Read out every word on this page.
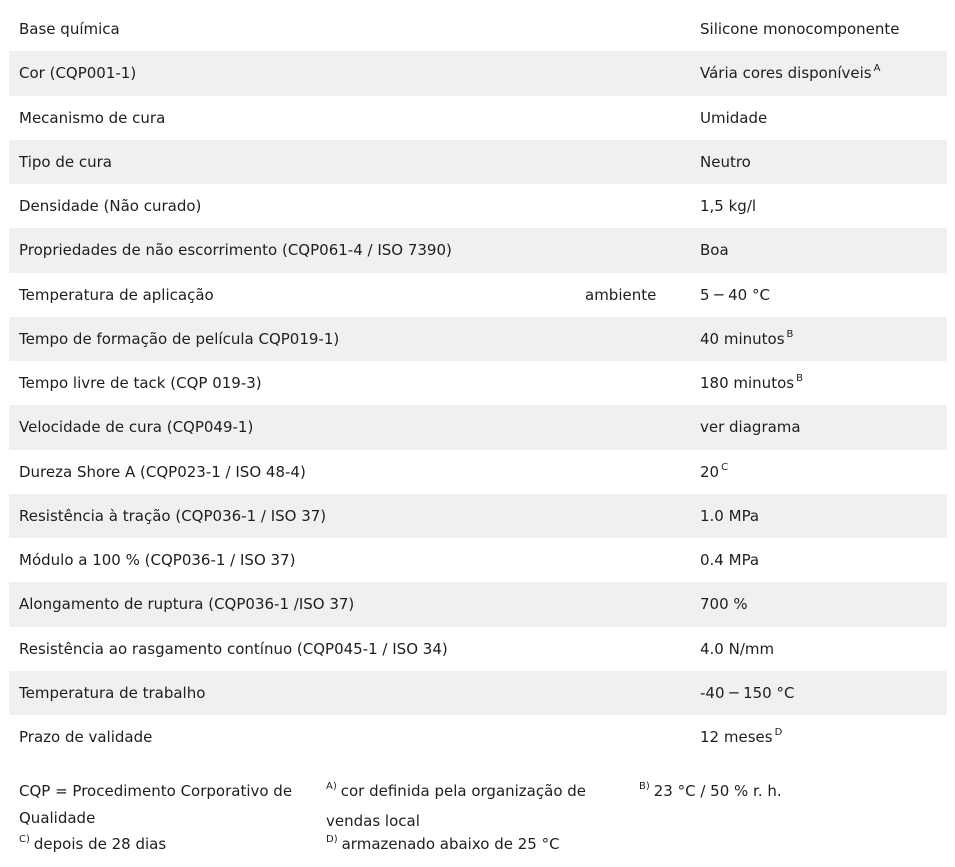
Base química		Silicone monocomponente
Cor (CQP001-1)		Vária cores disponíveis $^A$
Mecanismo de cura		Umidade
Tipo de cura		Neutro
Densidade (Não curado)		1,5 kg/l
Propriedades de não escorrimento (CQP061-4 / ISO 7390)		Boa
Temperatura de aplicação	ambiente	5 ─ 40 °C
Tempo de formação de película CQP019-1)		40 minutos $^B$
Tempo livre de tack (CQP 019-3)		180 minutos $^B$
Velocidade de cura (CQP049-1)		ver diagrama
Dureza Shore A (CQP023-1 / ISO 48-4)		20 $^C$
Resistência à tração (CQP036-1 / ISO 37)		1.0 MPa
Módulo a 100 % (CQP036-1 / ISO 37)		0.4 MPa
Alongamento de ruptura (CQP036-1 /ISO 37)		700 %
Resistência ao rasgamento contínuo (CQP045-1 / ISO 34)		4.0 N/mm
Temperatura de trabalho		-40 ─ 150 °C
Prazo de validade		12 meses $^D$
CQP = Procedimento Corporativo de Qualidade
$^{A)}$ cor definida pela organização de vendas local
$^{B)}$ 23 °C / 50 % r. h.
$^{C)}$ depois de 28 dias	$^{D)}$ armazenado abaixo de 25 °C
